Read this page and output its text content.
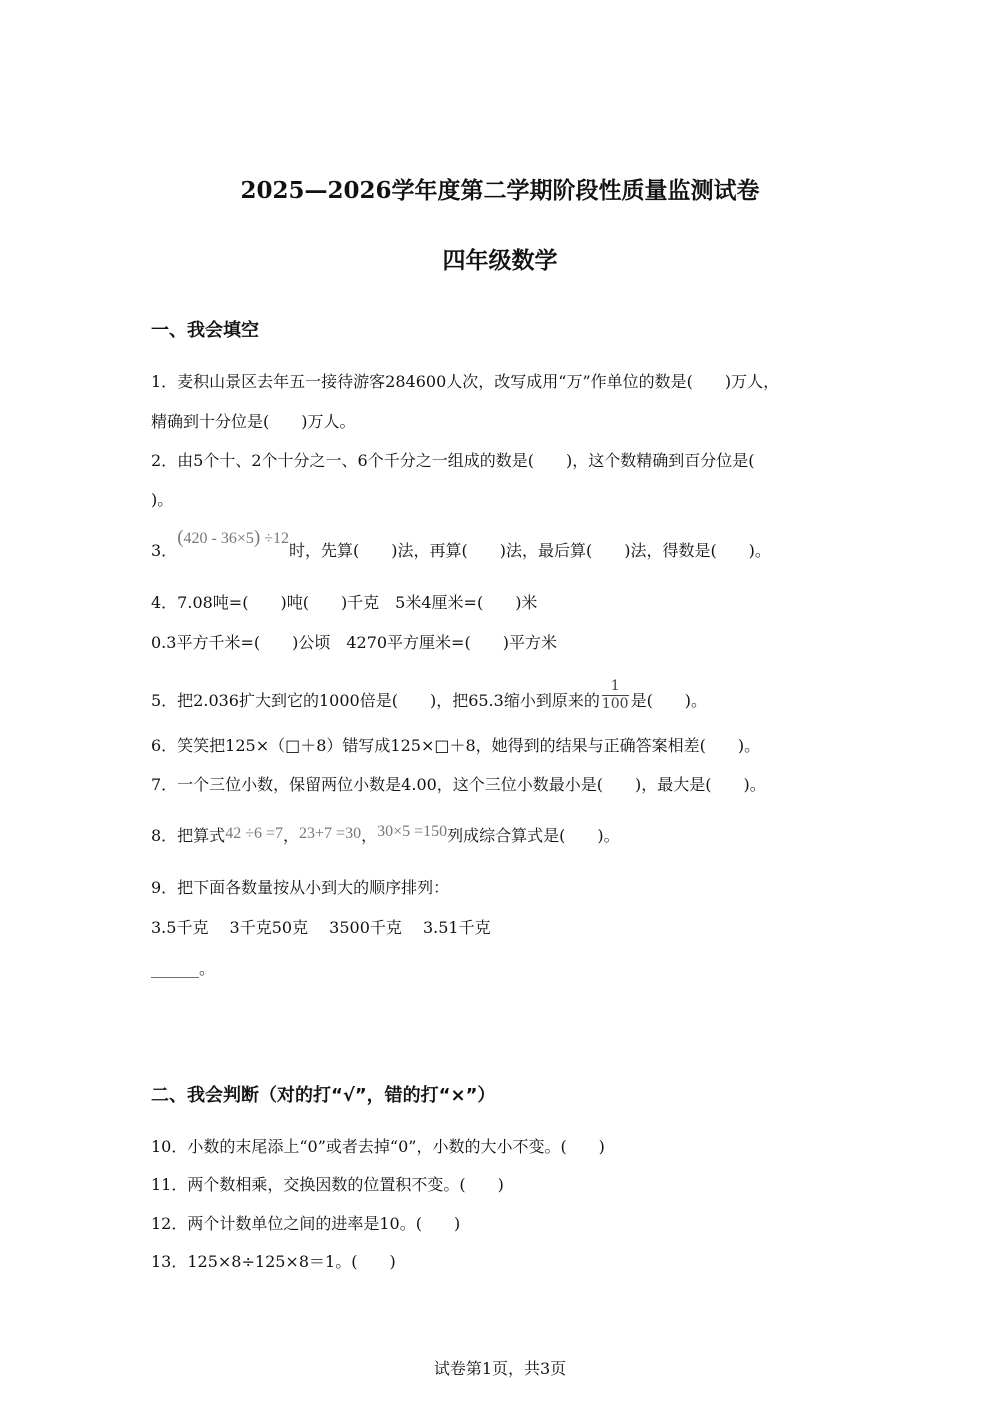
2025—2026学年度第二学期阶段性质量监测试卷
四年级数学
一、我会填空
1．麦积山景区去年五一接待游客284600人次，改写成用“万”作单位的数是(　　)万人，
精确到十分位是(　　)万人。
2．由5个十、2个十分之一、6个千分之一组成的数是(　　)，这个数精确到百分位是(
)。
3．(420 - 36×5) ÷12时，先算(　　)法，再算(　　)法，最后算(　　)法，得数是(　　)。
4．7.08吨=(　　)吨(　　)千克　5米4厘米=(　　)米
0.3平方千米=(　　)公顷　4270平方厘米=(　　)平方米
5．把2.036扩大到它的1000倍是(　　)，把65.3缩小到原来的 $\frac{1}{100}$ 是(　　)。
6．笑笑把125×（□＋8）错写成125×□＋8，她得到的结果与正确答案相差(　　)。
7．一个三位小数，保留两位小数是4.00，这个三位小数最小是(　　)，最大是(　　)。
8．把算式42 ÷6 =7，23+7 =30，30×5 =150列成综合算式是(　　)。
9．把下面各数量按从小到大的顺序排列：
3.5千克　 3千克50克　 3500千克　 3.51千克
______。
二、我会判断（对的打“√”，错的打“×”）
10．小数的末尾添上“0”或者去掉“0”，小数的大小不变。(　　)
11．两个数相乘，交换因数的位置积不变。(　　)
12．两个计数单位之间的进率是10。(　　)
13．125×8÷125×8＝1。(　　)
试卷第1页，共3页
